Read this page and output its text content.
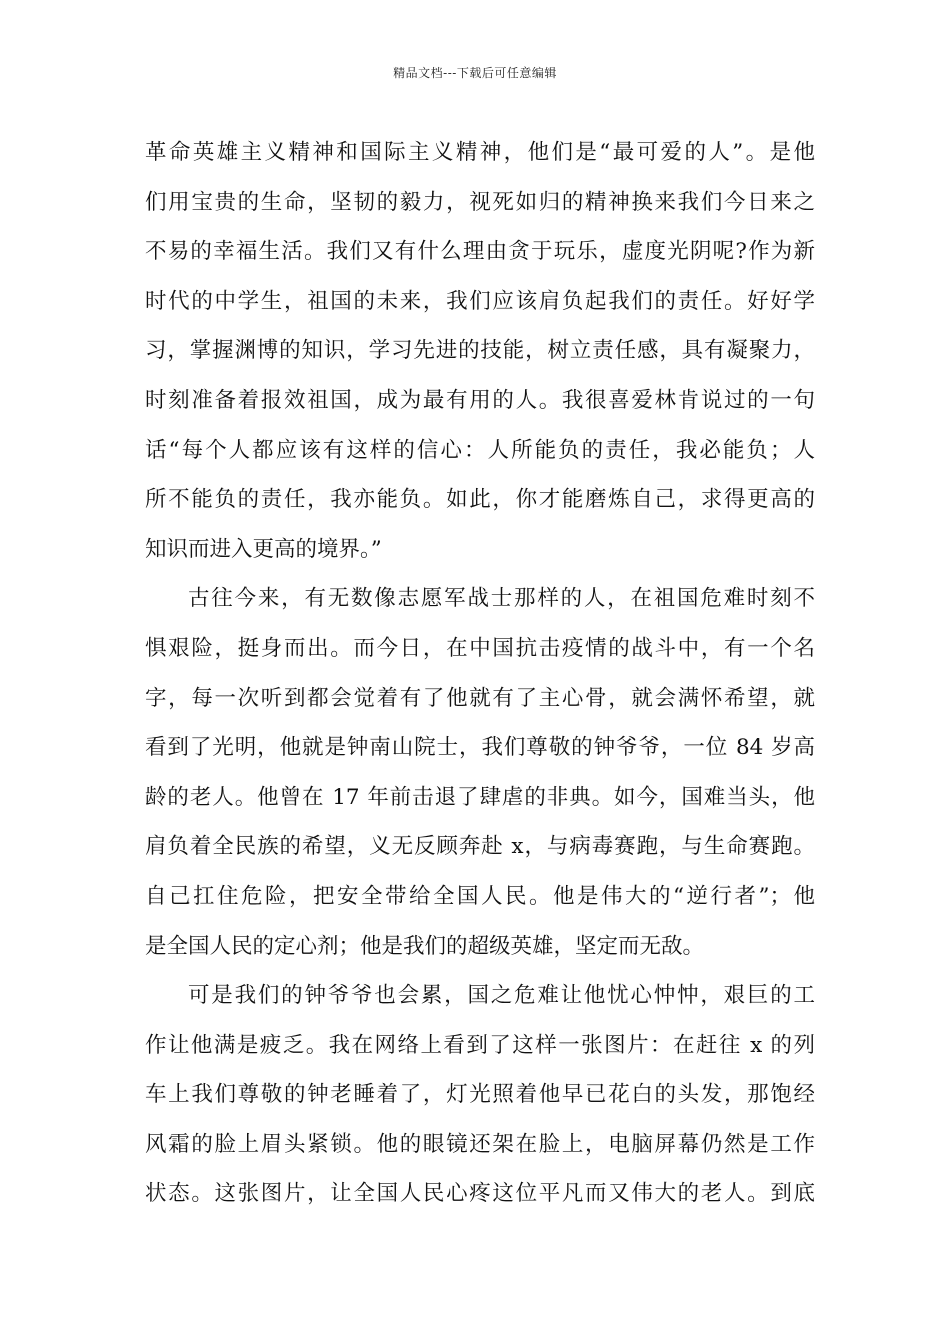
精品文档---下载后可任意编辑
革命英雄主义精神和国际主义精神，他们是“最可爱的人”。是他
们用宝贵的生命，坚韧的毅力，视死如归的精神换来我们今日来之
不易的幸福生活。我们又有什么理由贪于玩乐，虚度光阴呢?作为新
时代的中学生，祖国的未来，我们应该肩负起我们的责任。好好学
习，掌握渊博的知识，学习先进的技能，树立责任感，具有凝聚力，
时刻准备着报效祖国，成为最有用的人。我很喜爱林肯说过的一句
话“每个人都应该有这样的信心：人所能负的责任，我必能负；人
所不能负的责任，我亦能负。如此，你才能磨炼自己，求得更高的
知识而进入更高的境界。”
古往今来，有无数像志愿军战士那样的人，在祖国危难时刻不
惧艰险，挺身而出。而今日，在中国抗击疫情的战斗中，有一个名
字，每一次听到都会觉着有了他就有了主心骨，就会满怀希望，就
看到了光明，他就是钟南山院士，我们尊敬的钟爷爷，一位 84 岁高
龄的老人。他曾在 17 年前击退了肆虐的非典。如今，国难当头，他
肩负着全民族的希望，义无反顾奔赴 x，与病毒赛跑，与生命赛跑。
自己扛住危险，把安全带给全国人民。他是伟大的“逆行者”；他
是全国人民的定心剂；他是我们的超级英雄，坚定而无敌。
可是我们的钟爷爷也会累，国之危难让他忧心忡忡，艰巨的工
作让他满是疲乏。我在网络上看到了这样一张图片：在赶往 x 的列
车上我们尊敬的钟老睡着了，灯光照着他早已花白的头发，那饱经
风霜的脸上眉头紧锁。他的眼镜还架在脸上，电脑屏幕仍然是工作
状态。这张图片，让全国人民心疼这位平凡而又伟大的老人。到底
